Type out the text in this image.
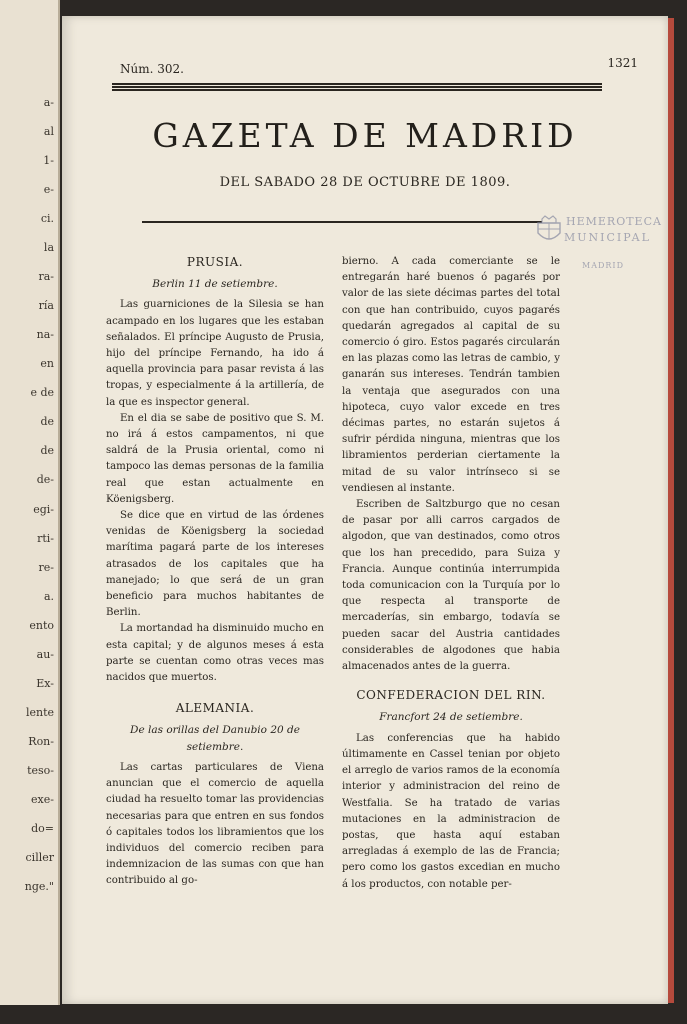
a-
al
1-
e-
ci.
la
ra-
ría
na-
en
e de
de
de
de-
egi-
rti-
re-
a.
ento
au-
Ex-
lente
Ron-
teso-
exe-
do=
ciller
nge."
Núm. 302.	1321
GAZETA DE MADRID
DEL SABADO 28 DE OCTUBRE DE 1809.
HEMEROTECA
MUNICIPAL
MADRID
PRUSIA.
Berlin 11 de setiembre.

Las guarniciones de la Silesia se han acampado en los lugares que les estaban señalados. El príncipe Augusto de Prusia, hijo del príncipe Fernando, ha ido á aquella provincia para pasar revista á las tropas, y especialmente á la artillería, de la que es inspector general.

En el dia se sabe de positivo que S. M. no irá á estos campamentos, ni que saldrá de la Prusia oriental, como ni tampoco las demas personas de la familia real que estan actualmente en Köenigsberg.

Se dice que en virtud de las órdenes venidas de Köenigsberg la sociedad marítima pagará parte de los intereses atrasados de los capitales que ha manejado; lo que será de un gran beneficio para muchos habitantes de Berlin.

La mortandad ha disminuido mucho en esta capital; y de algunos meses á esta parte se cuentan como otras veces mas nacidos que muertos.

ALEMANIA.
De las orillas del Danubio 20 de setiembre.

Las cartas particulares de Viena anuncian que el comercio de aquella ciudad ha resuelto tomar las providencias necesarias para que entren en sus fondos ó capitales todos los libramientos que los individuos del comercio reciben para indemnizacion de las sumas con que han contribuido al go-

bierno. A cada comerciante se le entregarán haré buenos ó pagarés por valor de las siete décimas partes del total con que han contribuido, cuyos pagarés quedarán agregados al capital de su comercio ó giro. Estos pagarés circularán en las plazas como las letras de cambio, y ganarán sus intereses. Tendrán tambien la ventaja que asegurados con una hipoteca, cuyo valor excede en tres décimas partes, no estarán sujetos á sufrir pérdida ninguna, mientras que los libramientos perderian ciertamente la mitad de su valor intrínseco si se vendiesen al instante.

Escriben de Saltzburgo que no cesan de pasar por alli carros cargados de algodon, que van destinados, como otros que los han precedido, para Suiza y Francia. Aunque continúa interrumpida toda comunicacion con la Turquía por lo que respecta al transporte de mercaderías, sin embargo, todavía se pueden sacar del Austria cantidades considerables de algodones que habia almacenados antes de la guerra.

CONFEDERACION DEL RIN.
Francfort 24 de setiembre.

Las conferencias que ha habido últimamente en Cassel tenian por objeto el arreglo de varios ramos de la economía interior y administracion del reino de Westfalia. Se ha tratado de varias mutaciones en la administracion de postas, que hasta aquí estaban arregladas á exemplo de las de Francia; pero como los gastos excedian en mucho á los productos, con notable per-
